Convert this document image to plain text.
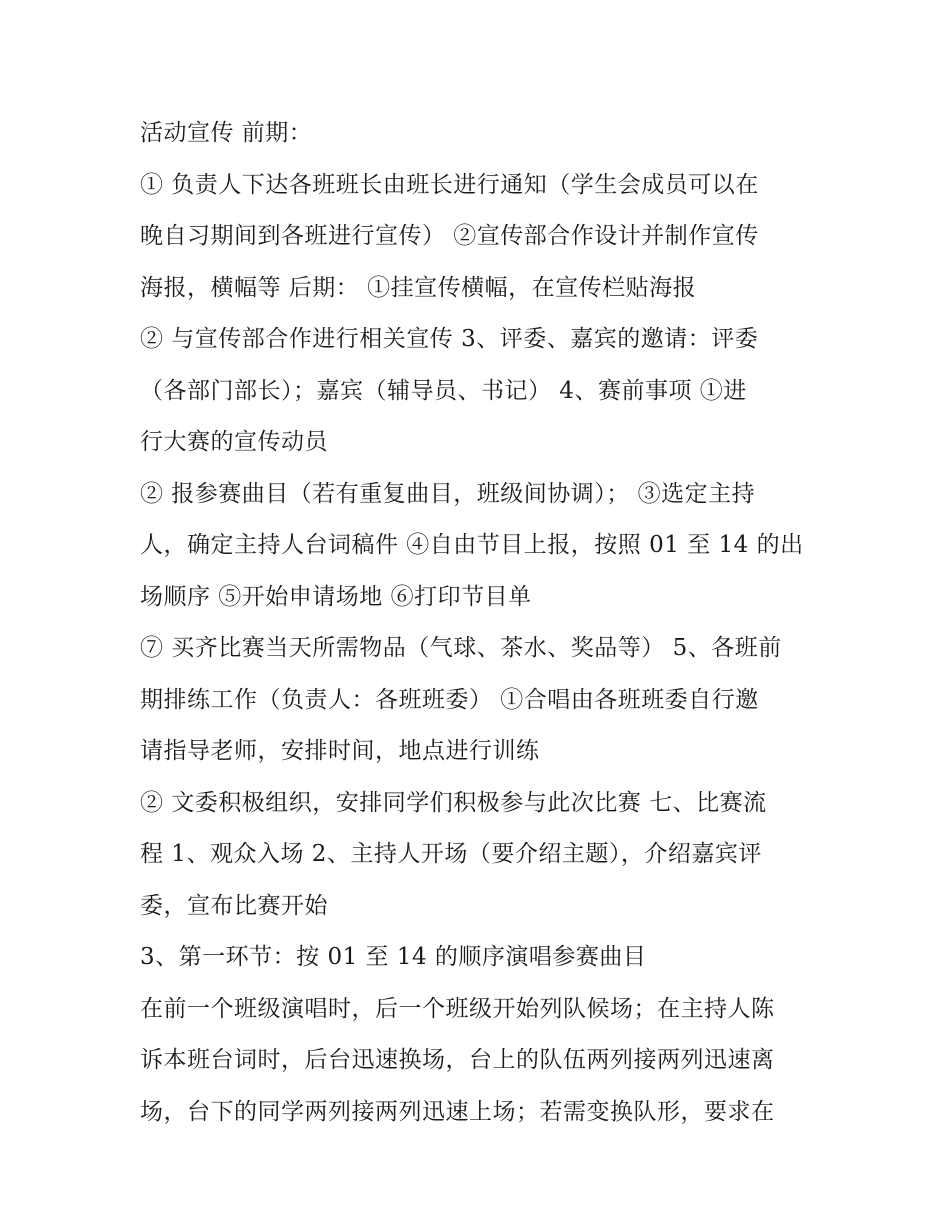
活动宣传 前期：
① 负责人下达各班班长由班长进行通知（学生会成员可以在
晚自习期间到各班进行宣传） ②宣传部合作设计并制作宣传
海报，横幅等 后期： ①挂宣传横幅，在宣传栏贴海报
② 与宣传部合作进行相关宣传 3、评委、嘉宾的邀请：评委
（各部门部长）；嘉宾（辅导员、书记） 4、赛前事项 ①进
行大赛的宣传动员
② 报参赛曲目（若有重复曲目，班级间协调）； ③选定主持
人，确定主持人台词稿件 ④自由节目上报，按照 01 至 14 的出
场顺序 ⑤开始申请场地 ⑥打印节目单
⑦ 买齐比赛当天所需物品（气球、茶水、奖品等） 5、各班前
期排练工作（负责人：各班班委） ①合唱由各班班委自行邀
请指导老师，安排时间，地点进行训练
② 文委积极组织，安排同学们积极参与此次比赛 七、比赛流
程 1、观众入场 2、主持人开场（要介绍主题），介绍嘉宾评
委，宣布比赛开始
3、第一环节：按 01 至 14 的顺序演唱参赛曲目
在前一个班级演唱时，后一个班级开始列队候场；在主持人陈
诉本班台词时，后台迅速换场，台上的队伍两列接两列迅速离
场，台下的同学两列接两列迅速上场；若需变换队形，要求在
